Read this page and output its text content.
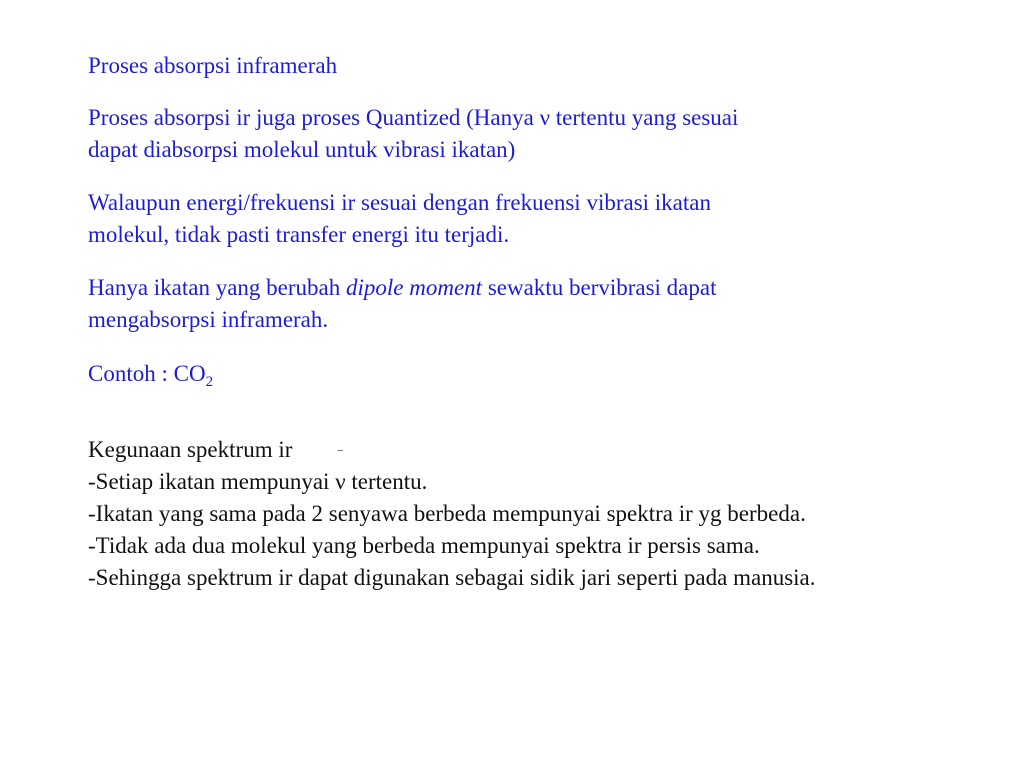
Proses absorpsi inframerah

Proses absorpsi ir juga proses Quantized (Hanya ν tertentu yang sesuai
dapat diabsorpsi molekul untuk vibrasi ikatan)

Walaupun energi/frekuensi ir sesuai dengan frekuensi vibrasi ikatan
molekul, tidak pasti transfer energi itu terjadi.

Hanya ikatan yang berubah dipole moment sewaktu bervibrasi dapat
mengabsorpsi inframerah.

Contoh : $CO_2$

Kegunaan spektrum ir
-Setiap ikatan mempunyai
‾
ν tertentu.
-Ikatan yang sama pada 2 senyawa berbeda mempunyai spektra ir yg berbeda.
-Tidak ada dua molekul yang berbeda mempunyai spektra ir persis sama.
-Sehingga spektrum ir dapat digunakan sebagai sidik jari seperti pada manusia.
